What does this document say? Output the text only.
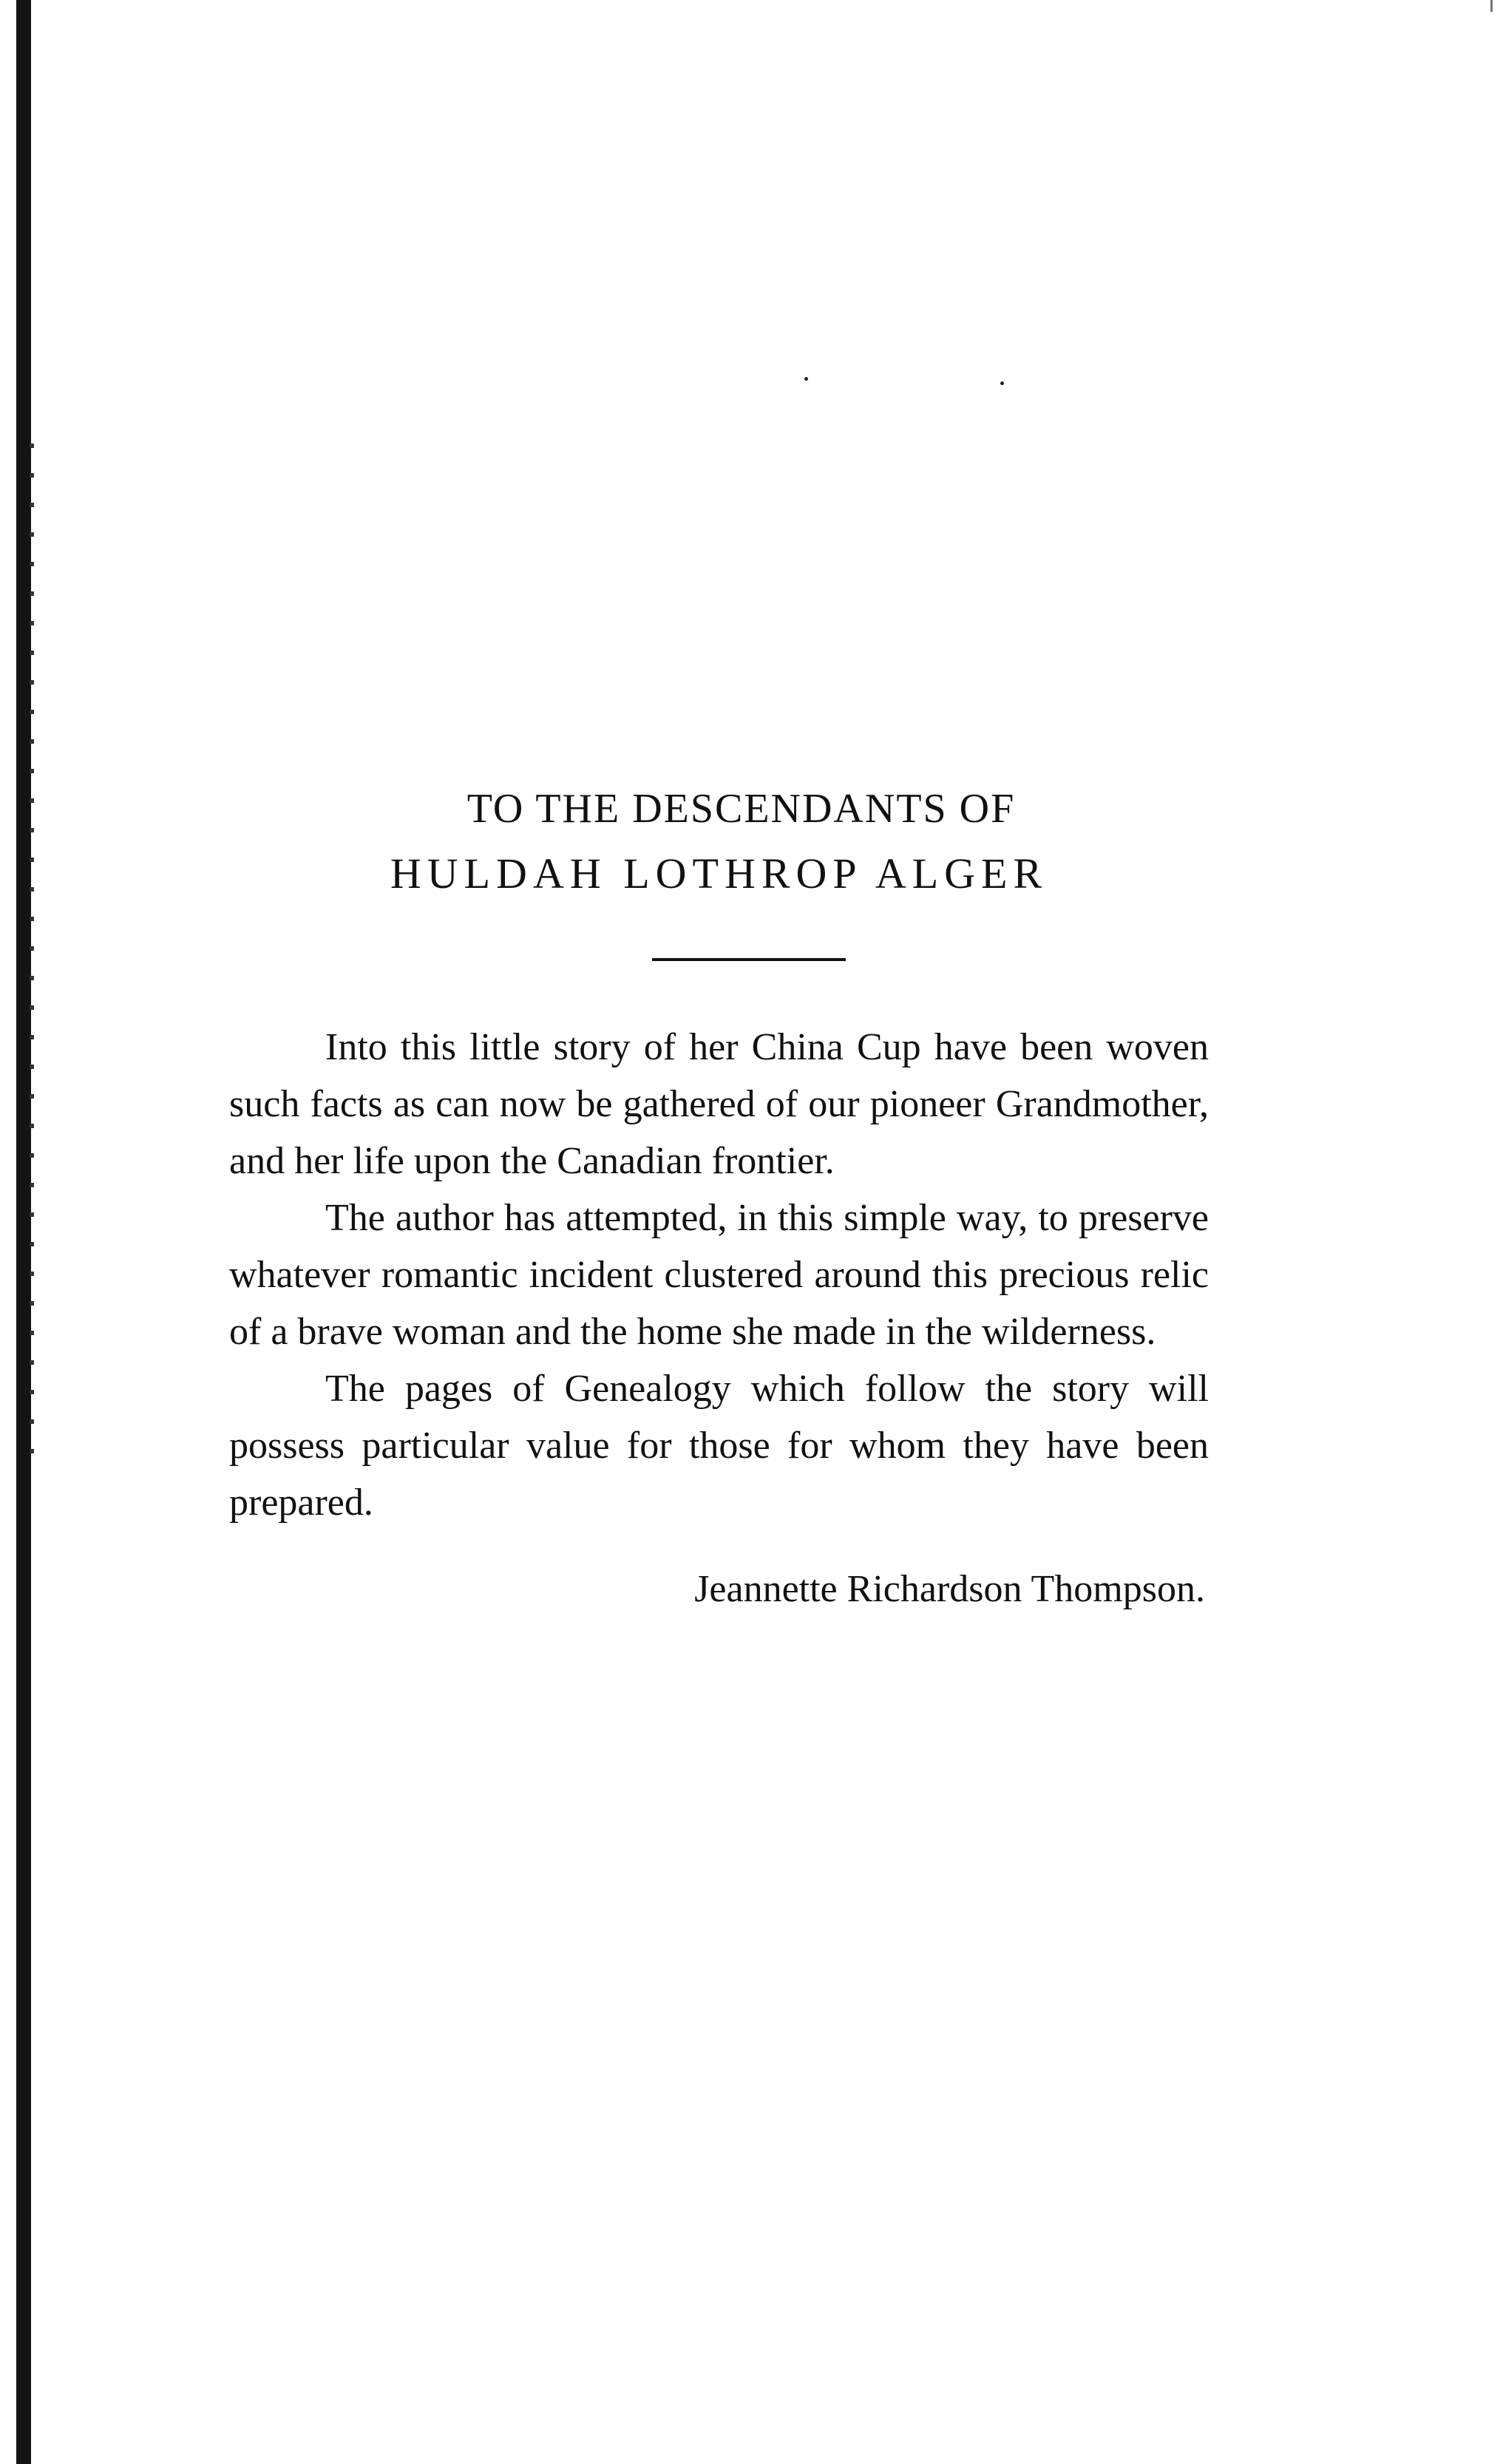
TO THE DESCENDANTS OF
HULDAH LOTHROP ALGER

Into this little story of her China Cup have been woven such facts as can now be gathered of our pioneer Grandmother, and her life upon the Canadian frontier.

The author has attempted, in this simple way, to preserve whatever romantic incident clustered around this precious relic of a brave woman and the home she made in the wilderness.

The pages of Genealogy which follow the story will possess particular value for those for whom they have been prepared.

Jeannette Richardson Thompson.
